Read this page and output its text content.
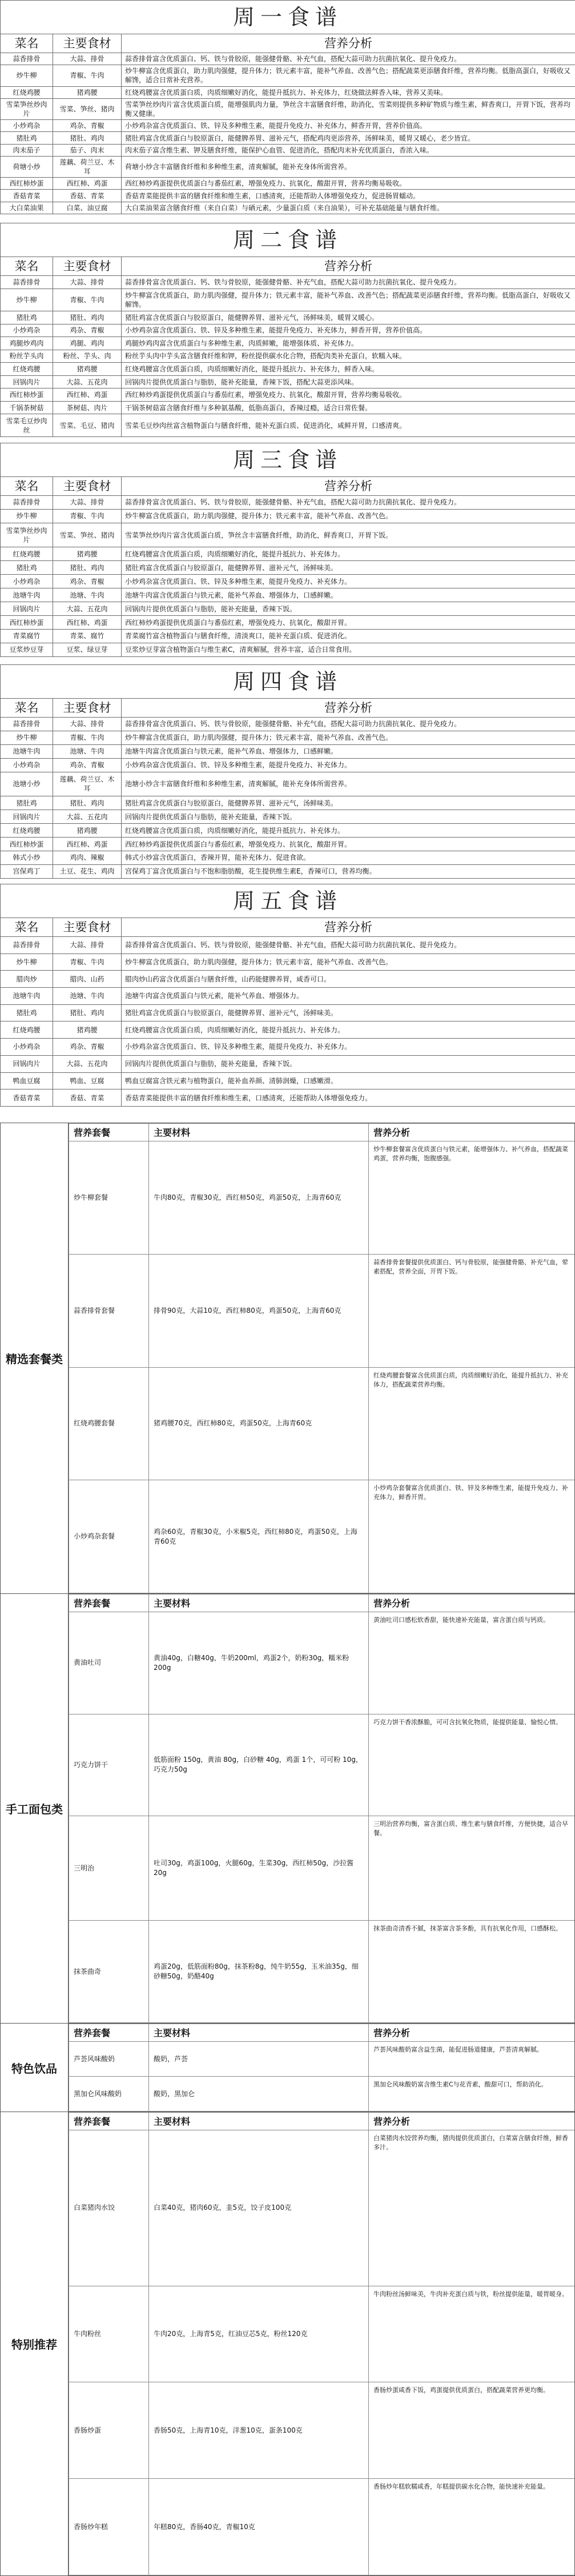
周一食谱		
菜名	主要食材	营养分析
蒜香排骨	大蒜、排骨	蒜香排骨富含优质蛋白、钙、铁与骨胶原，能强健骨骼、补充气血，搭配大蒜可助力抗菌抗氧化、提升免疫力。
炒牛柳	青椒、牛肉	炒牛柳富含优质蛋白，助力肌肉强健，提升体力；铁元素丰富，能补气养血、改善气色；搭配蔬菜更添膳食纤维，营养均衡。低脂高蛋白，好吸收又解馋，适合日常补充营养。
红烧鸡腰	猪鸡腰	红烧鸡腰富含优质蛋白质，肉质细嫩好消化，能提升抵抗力、补充体力，红烧做法鲜香入味，营养又美味。
雪菜笋丝炒肉片	雪菜、笋丝、猪肉	雪菜笋丝炒肉片富含优质蛋白质，能增强肌肉力量，笋丝含丰富膳食纤维，助消化，雪菜则提供多种矿物质与维生素，鲜香爽口，开胃下饭，营养均衡又健康。
小炒鸡杂	鸡杂、青椒	小炒鸡杂富含优质蛋白、铁、锌及多种维生素，能提升免疫力、补充体力，鲜香开胃，营养价值高。
猪肚鸡	猪肚、鸡肉	猪肚鸡富含优质蛋白与胶原蛋白，能健脾养胃、滋补元气，搭配鸡肉更添营养，汤鲜味美，暖胃又暖心，老少皆宜。
肉末茄子	茄子、肉末	肉末茄子富含维生素、钾及膳食纤维，能保护心血管、促进消化，搭配肉末补充优质蛋白，香浓入味。
荷塘小炒	莲藕、荷兰豆、木耳	荷塘小炒含丰富膳食纤维和多种维生素，清爽解腻，能补充身体所需营养。
西红柿炒蛋	西红柿、鸡蛋	西红柿炒鸡蛋提供优质蛋白与番茄红素，增强免疫力、抗氧化，酸甜开胃，营养均衡易吸收。
香菇青菜	香菇、青菜	香菇青菜能提供丰富的膳食纤维和维生素，口感清爽，还能帮助人体增强免疫力，促进肠胃蠕动。
大白菜油果	白菜、油豆腐	大白菜油果富含膳食纤维（来自白菜）与硒元素，少量蛋白质（来自油果），可补充基础能量与膳食纤维。
周二食谱		
菜名	主要食材	营养分析
蒜香排骨	大蒜、排骨	蒜香排骨富含优质蛋白、钙、铁与骨胶原，能强健骨骼、补充气血，搭配大蒜可助力抗菌抗氧化、提升免疫力。
炒牛柳	青椒、牛肉	炒牛柳富含优质蛋白，助力肌肉强健，提升体力；铁元素丰富，能补气养血、改善气色；搭配蔬菜更添膳食纤维，营养均衡。低脂高蛋白，好吸收又解馋。
猪肚鸡	猪肚、鸡肉	猪肚鸡富含优质蛋白与胶原蛋白，能健脾养胃、滋补元气，汤鲜味美，暖胃又暖心。
小炒鸡杂	鸡杂、青椒	小炒鸡杂富含优质蛋白、铁、锌及多种维生素，能提升免疫力、补充体力，鲜香开胃，营养价值高。
鸡腿炒鸡肉	鸡腿、鸡肉	鸡腿炒鸡肉富含优质蛋白与多种维生素，肉质鲜嫩，能增强体质、补充体力。
粉丝芋头肉	粉丝、芋头、肉	粉丝芋头肉中芋头富含膳食纤维和钾，粉丝提供碳水化合物，搭配肉类补充蛋白，软糯入味。
红烧鸡腰	猪鸡腰	红烧鸡腰富含优质蛋白质，肉质细嫩好消化，能提升抵抗力、补充体力，鲜香入味。
回锅肉片	大蒜、五花肉	回锅肉片提供优质蛋白与脂肪，能补充能量，香辣下饭，搭配大蒜更添风味。
西红柿炒蛋	西红柿、鸡蛋	西红柿炒鸡蛋提供优质蛋白与番茄红素，增强免疫力、抗氧化，酸甜开胃，营养均衡易吸收。
千锅茶树菇	茶树菇、肉片	干锅茶树菇富含膳食纤维与多种氨基酸，低脂高蛋白，香辣过瘾，适合日常佐餐。
雪菜毛豆炒肉丝	雪菜、毛豆、猪肉	雪菜毛豆炒肉丝富含植物蛋白与膳食纤维，能补充蛋白质、促进消化，咸鲜开胃，口感清爽。
周三食谱		
菜名	主要食材	营养分析
蒜香排骨	大蒜、排骨	蒜香排骨富含优质蛋白、钙、铁与骨胶原，能强健骨骼、补充气血，搭配大蒜可助力抗菌抗氧化、提升免疫力。
炒牛柳	青椒、牛肉	炒牛柳富含优质蛋白，助力肌肉强健，提升体力；铁元素丰富，能补气养血、改善气色。
雪菜笋丝炒肉片	雪菜、笋丝、猪肉	雪菜笋丝炒肉片富含优质蛋白质，笋丝含丰富膳食纤维，助消化，鲜香爽口，开胃下饭。
红烧鸡腰	猪鸡腰	红烧鸡腰富含优质蛋白质，肉质细嫩好消化，能提升抵抗力、补充体力。
猪肚鸡	猪肚、鸡肉	猪肚鸡富含优质蛋白与胶原蛋白，能健脾养胃、滋补元气，汤鲜味美。
小炒鸡杂	鸡杂、青椒	小炒鸡杂富含优质蛋白、铁、锌及多种维生素，能提升免疫力、补充体力。
池塘牛肉	池塘、牛肉	池塘牛肉富含优质蛋白与铁元素，能补气养血、增强体力，口感鲜嫩。
回锅肉片	大蒜、五花肉	回锅肉片提供优质蛋白与脂肪，能补充能量，香辣下饭。
西红柿炒蛋	西红柿、鸡蛋	西红柿炒鸡蛋提供优质蛋白与番茄红素，增强免疫力、抗氧化，酸甜开胃。
青菜腐竹	青菜、腐竹	青菜腐竹富含植物蛋白与膳食纤维，清淡爽口，能补充蛋白质、促进消化。
豆浆炒豆芽	豆浆、绿豆芽	豆浆炒豆芽富含植物蛋白与维生素C，清爽解腻，营养丰富，适合日常食用。
周四食谱		
菜名	主要食材	营养分析
蒜香排骨	大蒜、排骨	蒜香排骨富含优质蛋白、钙、铁与骨胶原，能强健骨骼、补充气血，搭配大蒜可助力抗菌抗氧化、提升免疫力。
炒牛柳	青椒、牛肉	炒牛柳富含优质蛋白，助力肌肉强健，提升体力；铁元素丰富，能补气养血、改善气色。
池塘牛肉	池塘、牛肉	池塘牛肉富含优质蛋白与铁元素，能补气养血、增强体力，口感鲜嫩。
小炒鸡杂	鸡杂、青椒	小炒鸡杂富含优质蛋白、铁、锌及多种维生素，能提升免疫力、补充体力。
池塘小炒	莲藕、荷兰豆、木耳	池塘小炒含丰富膳食纤维和多种维生素，清爽解腻，能补充身体所需营养。
猪肚鸡	猪肚、鸡肉	猪肚鸡富含优质蛋白与胶原蛋白，能健脾养胃、滋补元气，汤鲜味美。
回锅肉片	大蒜、五花肉	回锅肉片提供优质蛋白与脂肪，能补充能量，香辣下饭。
红烧鸡腰	猪鸡腰	红烧鸡腰富含优质蛋白质，肉质细嫩好消化，能提升抵抗力、补充体力。
西红柿炒蛋	西红柿、鸡蛋	西红柿炒鸡蛋提供优质蛋白与番茄红素，增强免疫力、抗氧化，酸甜开胃。
韩式小炒	鸡肉、辣椒	韩式小炒富含优质蛋白，香辣开胃，能补充体力、促进食欲。
宫保鸡丁	土豆、花生、鸡肉	宫保鸡丁富含优质蛋白与不饱和脂肪酸，花生提供维生素E，香辣可口，营养均衡。
周五食谱		
菜名	主要食材	营养分析
蒜香排骨	大蒜、排骨	蒜香排骨富含优质蛋白、钙、铁与骨胶原，能强健骨骼、补充气血，搭配大蒜可助力抗菌抗氧化、提升免疫力。
炒牛柳	青椒、牛肉	炒牛柳富含优质蛋白，助力肌肉强健，提升体力；铁元素丰富，能补气养血、改善气色。
腊肉炒	腊肉、山药	腊肉炒山药富含优质蛋白与膳食纤维，山药能健脾养胃，咸香可口。
池塘牛肉	池塘、牛肉	池塘牛肉富含优质蛋白与铁元素，能补气养血、增强体力。
猪肚鸡	猪肚、鸡肉	猪肚鸡富含优质蛋白与胶原蛋白，能健脾养胃、滋补元气，汤鲜味美。
红烧鸡腰	猪鸡腰	红烧鸡腰富含优质蛋白质，肉质细嫩好消化，能提升抵抗力、补充体力。
小炒鸡杂	鸡杂、青椒	小炒鸡杂富含优质蛋白、铁、锌及多种维生素，能提升免疫力、补充体力。
回锅肉片	大蒜、五花肉	回锅肉片提供优质蛋白与脂肪，能补充能量，香辣下饭。
鸭血豆腐	鸭血、豆腐	鸭血豆腐富含铁元素与植物蛋白，能补血养颜、清肺润燥，口感嫩滑。
香菇青菜	香菇、青菜	香菇青菜能提供丰富的膳食纤维和维生素，口感清爽，还能帮助人体增强免疫力。
精选套餐类	
营养套餐	主要材料	营养分析
炒牛柳套餐	牛肉80克，青椒30克，西红柿50克，鸡蛋50克，上海青60克	炒牛柳套餐富含优质蛋白与铁元素，能增强体力、补气养血，搭配蔬菜鸡蛋，营养均衡，饱腹感强。
蒜香排骨套餐	排骨90克，大蒜10克，西红柿80克，鸡蛋50克，上海青60克	蒜香排骨套餐提供优质蛋白、钙与骨胶原，能强健骨骼、补充气血，荤素搭配，营养全面，开胃下饭。
红烧鸡腰套餐	猪鸡腰70克，西红柿80克，鸡蛋50克，上海青60克	红烧鸡腰套餐富含优质蛋白质，肉质细嫩好消化，能提升抵抗力、补充体力，搭配蔬菜营养均衡。
小炒鸡杂套餐	鸡杂60克，青椒30克，小米椒5克，西红柿80克，鸡蛋50克，上海青60克	小炒鸡杂套餐富含优质蛋白、铁、锌及多种维生素，能提升免疫力、补充体力，鲜香开胃。

手工面包类	
营养套餐	主要材料	营养分析
黄油吐司	黄油40g，白糖40g，牛奶200ml，鸡蛋2个，奶粉30g，糯米粉200g	黄油吐司口感松软香甜，能快速补充能量，富含蛋白质与钙质。
巧克力饼干	低筋面粉 150g，黄油 80g，白砂糖 40g，鸡蛋 1个，可可粉 10g，巧克力50g	巧克力饼干香浓酥脆，可可含抗氧化物质，能提供能量、愉悦心情。
三明治	吐司30g，鸡蛋100g，火腿60g，生菜30g，西红柿50g，沙拉酱20g	三明治营养均衡，富含蛋白质、维生素与膳食纤维，方便快捷，适合早餐。
抹茶曲奇	鸡蛋20g，低筋面粉80g，抹茶粉8g，纯牛奶55g，玉米油35g，细砂糖50g，奶酪40g	抹茶曲奇清香不腻，抹茶富含茶多酚，具有抗氧化作用，口感酥松。

特色饮品	
营养套餐	主要材料	营养分析
芦荟风味酸奶	酸奶，芦荟	芦荟风味酸奶富含益生菌，能促进肠道健康，芦荟清爽解腻。
黑加仑风味酸奶	酸奶，黑加仑	黑加仑风味酸奶富含维生素C与花青素，酸甜可口，帮助消化。

特别推荐	
营养套餐	主要材料	营养分析
白菜猪肉水饺	白菜40克，猪肉60克，韭5克，饺子皮100克	白菜猪肉水饺营养均衡，猪肉提供优质蛋白，白菜富含膳食纤维，鲜香多汁。
牛肉粉丝	牛肉20克，上海青5克，红油豆芯5克，粉丝120克	牛肉粉丝汤鲜味美，牛肉补充蛋白质与铁，粉丝提供能量，暖胃暖身。
香肠炒蛋	香肠50克，上海青10克，洋葱10克，蛋条100克	香肠炒蛋咸香下饭，鸡蛋提供优质蛋白，搭配蔬菜营养更均衡。
香肠炒年糕	年糕80克，香肠40克，青椒10克	香肠炒年糕软糯咸香，年糕提供碳水化合物，能快速补充能量。
